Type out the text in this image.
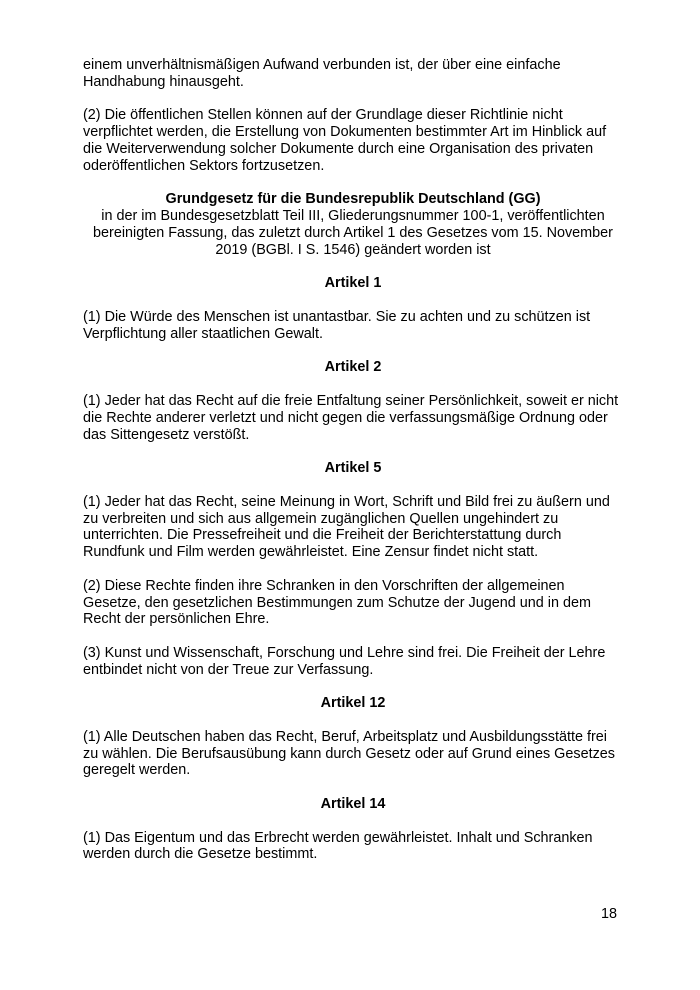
einem unverhältnismäßigen Aufwand verbunden ist, der über eine einfache Handhabung hinausgeht.

(2) Die öffentlichen Stellen können auf der Grundlage dieser Richtlinie nicht verpflichtet werden, die Erstellung von Dokumenten bestimmter Art im Hinblick auf die Weiterverwendung solcher Dokumente durch eine Organisation des privaten oderöffentlichen Sektors fortzusetzen.

Grundgesetz für die Bundesrepublik Deutschland (GG)

in der im Bundesgesetzblatt Teil III, Gliederungsnummer 100-1, veröffentlichten bereinigten Fassung, das zuletzt durch Artikel 1 des Gesetzes vom 15. November 2019 (BGBl. I S. 1546) geändert worden ist

Artikel 1

(1) Die Würde des Menschen ist unantastbar. Sie zu achten und zu schützen ist Verpflichtung aller staatlichen Gewalt.

Artikel 2

(1) Jeder hat das Recht auf die freie Entfaltung seiner Persönlichkeit, soweit er nicht die Rechte anderer verletzt und nicht gegen die verfassungsmäßige Ordnung oder das Sittengesetz verstößt.

Artikel 5

(1) Jeder hat das Recht, seine Meinung in Wort, Schrift und Bild frei zu äußern und zu verbreiten und sich aus allgemein zugänglichen Quellen ungehindert zu unterrichten. Die Pressefreiheit und die Freiheit der Berichterstattung durch Rundfunk und Film werden gewährleistet. Eine Zensur findet nicht statt.

(2) Diese Rechte finden ihre Schranken in den Vorschriften der allgemeinen Gesetze, den gesetzlichen Bestimmungen zum Schutze der Jugend und in dem Recht der persönlichen Ehre.

(3) Kunst und Wissenschaft, Forschung und Lehre sind frei. Die Freiheit der Lehre entbindet nicht von der Treue zur Verfassung.

Artikel 12

(1) Alle Deutschen haben das Recht, Beruf, Arbeitsplatz und Ausbildungsstätte frei zu wählen. Die Berufsausübung kann durch Gesetz oder auf Grund eines Gesetzes geregelt werden.

Artikel 14

(1) Das Eigentum und das Erbrecht werden gewährleistet. Inhalt und Schranken werden durch die Gesetze bestimmt.

18
